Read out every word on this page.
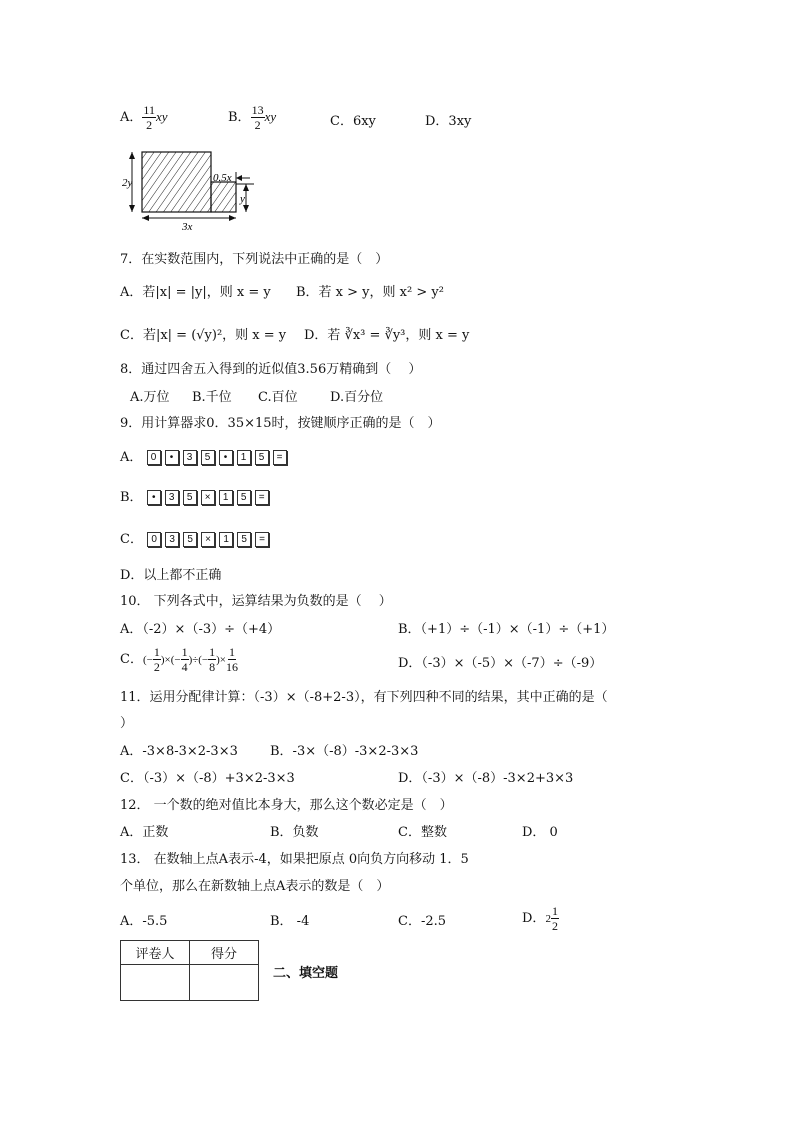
A． $\frac{11}{2}$ xy	B． $\frac{13}{2}$ xy	C．6xy	D．3xy
2y
3x
0.5x
y
7．在实数范围内，下列说法中正确的是（　）
A．若|x| = |y|，则 x = y B．若 x > y，则 x² > y²
C．若|x| = (√y)²，则 x = y D．若 ∛x³ = ∛y³，则 x = y
8．通过四舍五入得到的近似值3.56万精确到（　 ）
A.万位 B.千位 C.百位 D.百分位
9．用计算器求0．35×15时，按键顺序正确的是（　）
A． 0 • 3 5 • 1 5 =
B． • 3 5 × 1 5 =
C． 0 3 5 × 1 5 =
D．以上都不正确
10． 下列各式中，运算结果为负数的是（　 ）
A．（-2）×（-3）÷（+4）	B．（+1）÷（-1）×（-1）÷（+1）
C．(− $\frac{1}{2}$ )×(− $\frac{1}{4}$ )÷(− $\frac{1}{8}$ )× $\frac{1}{16}$	D．（-3）×（-5）×（-7）÷（-9）
11．运用分配律计算：（-3）×（-8+2-3），有下列四种不同的结果，其中正确的是（
）
A．-3×8-3×2-3×3 B．-3×（-8）-3×2-3×3
C．（-3）×（-8）+3×2-3×3	D．（-3）×（-8）-3×2+3×3
12． 一个数的绝对值比本身大，那么这个数必定是（　）
A．正数	B．负数	C．整数	D． 0
13． 在数轴上点A表示-4，如果把原点 0向负方向移动 1．5
个单位，那么在新数轴上点A表示的数是（　）
A．-5.5	B． -4	C．-2.5	D．$2 \frac{1}{2}$
评卷人	得分

二、填空题
